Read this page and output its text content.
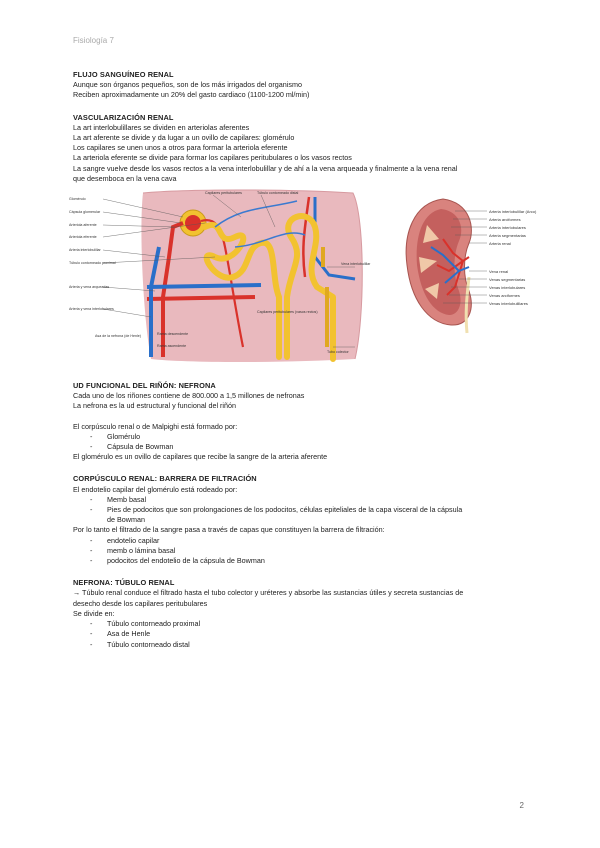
Fisiología 7
FLUJO SANGUÍNEO RENAL

Aunque son órganos pequeños, son de los más irrigados del organismo

Reciben aproximadamente un 20% del gasto cardiaco (1100-1200 ml/min)

VASCULARIZACIÓN RENAL

La art interlobulillares se dividen en arteriolas aferentes

La art aferente se divide y da lugar a un ovillo de capilares: glomérulo

Los capilares se unen unos a otros para formar la arteriola eferente

La arteriola eferente se divide para formar los capilares peritubulares o los vasos rectos

La sangre vuelve desde los vasos rectos a la vena interlobulillar y de ahí a la vena arqueada y finalmente a la vena renal

que desemboca en la vena cava

Glomérulo
Cápsula glomerular
Arteriola aferente
Arteriola eferente
Arteria interlobulillar
Túbulo contorneado proximal
Arteria y vena arqueadas
Arteria y vena interlobulares
Asa de la nefrona (de Henle)
Capilares peritubulares	Túbulo contorneado distal
Rama descendente
Rama ascendente
Capilares peritubulares (vasos rectos)
Vena interlobulillar
Tubo colector
Arteria interlobulillar (Arco)
Arteria arciformes
Arteria interlobulares
Arteria segmentarias
Arteria renal
Vena renal
Venas segmentarias
Venas interlobulares
Venas arciformes
Venas interlobulillares
UD FUNCIONAL DEL RIÑÓN: NEFRONA

Cada uno de los riñones contiene de 800.000 a 1,5 millones de nefronas

La nefrona es la ud estructural y funcional del riñón

El corpúsculo renal o de Malpighi está formado por:

- Glomérulo
- Cápsula de Bowman

El glomérulo es un ovillo de capilares que recibe la sangre de la arteria aferente

CORPÚSCULO RENAL: BARRERA DE FILTRACIÓN

El endotelio capilar del glomérulo está rodeado por:

- Memb basal
- Pies de podocitos que son prolongaciones de los podocitos, células epiteliales de la capa visceral de la cápsula

de Bowman

Por lo tanto el filtrado de la sangre pasa a través de capas que constituyen la barrera de filtración:

- endotelio capilar
- memb o lámina basal
- podocitos del endotelio de la cápsula de Bowman
NEFRONA: TÚBULO RENAL

→ Túbulo renal conduce el filtrado hasta el tubo colector y uréteres y absorbe las sustancias útiles y secreta sustancias de

desecho desde los capilares peritubulares

Se divide en:

- Túbulo contorneado proximal
- Asa de Henle
- Túbulo contorneado distal
2
